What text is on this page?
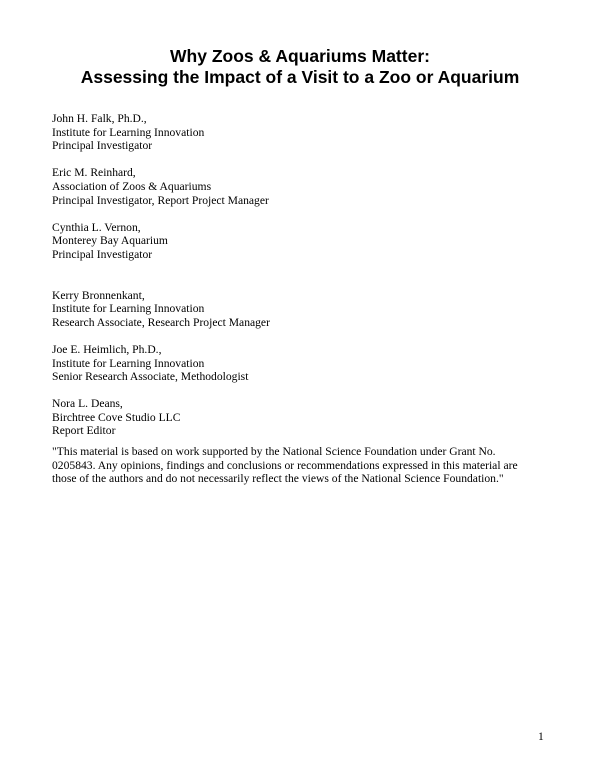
Why Zoos & Aquariums Matter:
Assessing the Impact of a Visit to a Zoo or Aquarium
John H. Falk, Ph.D.,
Institute for Learning Innovation
Principal Investigator
Eric M. Reinhard,
Association of Zoos & Aquariums
Principal Investigator, Report Project Manager
Cynthia L. Vernon,
Monterey Bay Aquarium
Principal Investigator
Kerry Bronnenkant,
Institute for Learning Innovation
Research Associate, Research Project Manager
Joe E. Heimlich, Ph.D.,
Institute for Learning Innovation
Senior Research Associate, Methodologist
Nora L. Deans,
Birchtree Cove Studio LLC
Report Editor
"This material is based on work supported by the National Science Foundation under Grant No.
0205843. Any opinions, findings and conclusions or recommendations expressed in this material are
those of the authors and do not necessarily reflect the views of the National Science Foundation."
1
